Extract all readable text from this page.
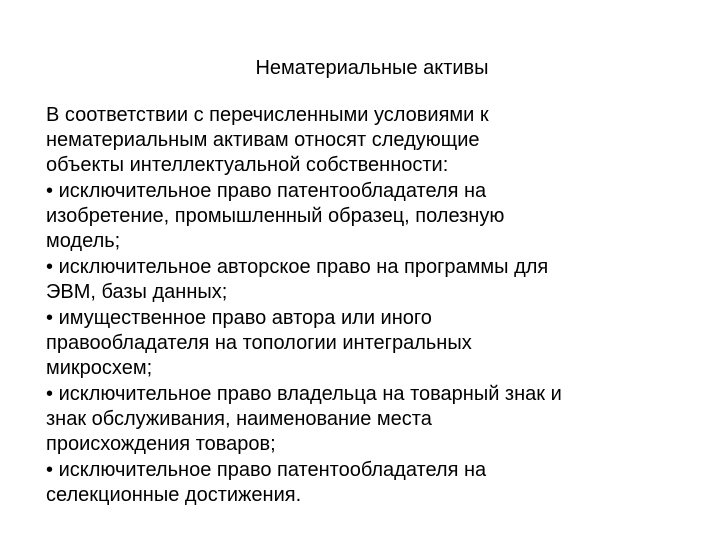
Нематериальные активы

В соответствии с перечисленными условиями к
нематериальным активам относят следующие
объекты интеллектуальной собственности:

• исключительное право патентообладателя на
изобретение, промышленный образец, полезную
модель;

• исключительное авторское право на программы для
ЭВМ, базы данных;

• имущественное право автора или иного
правообладателя на топологии интегральных
микросхем;

• исключительное право владельца на товарный знак и
знак обслуживания, наименование места
происхождения товаров;

• исключительное право патентообладателя на
селекционные достижения.
